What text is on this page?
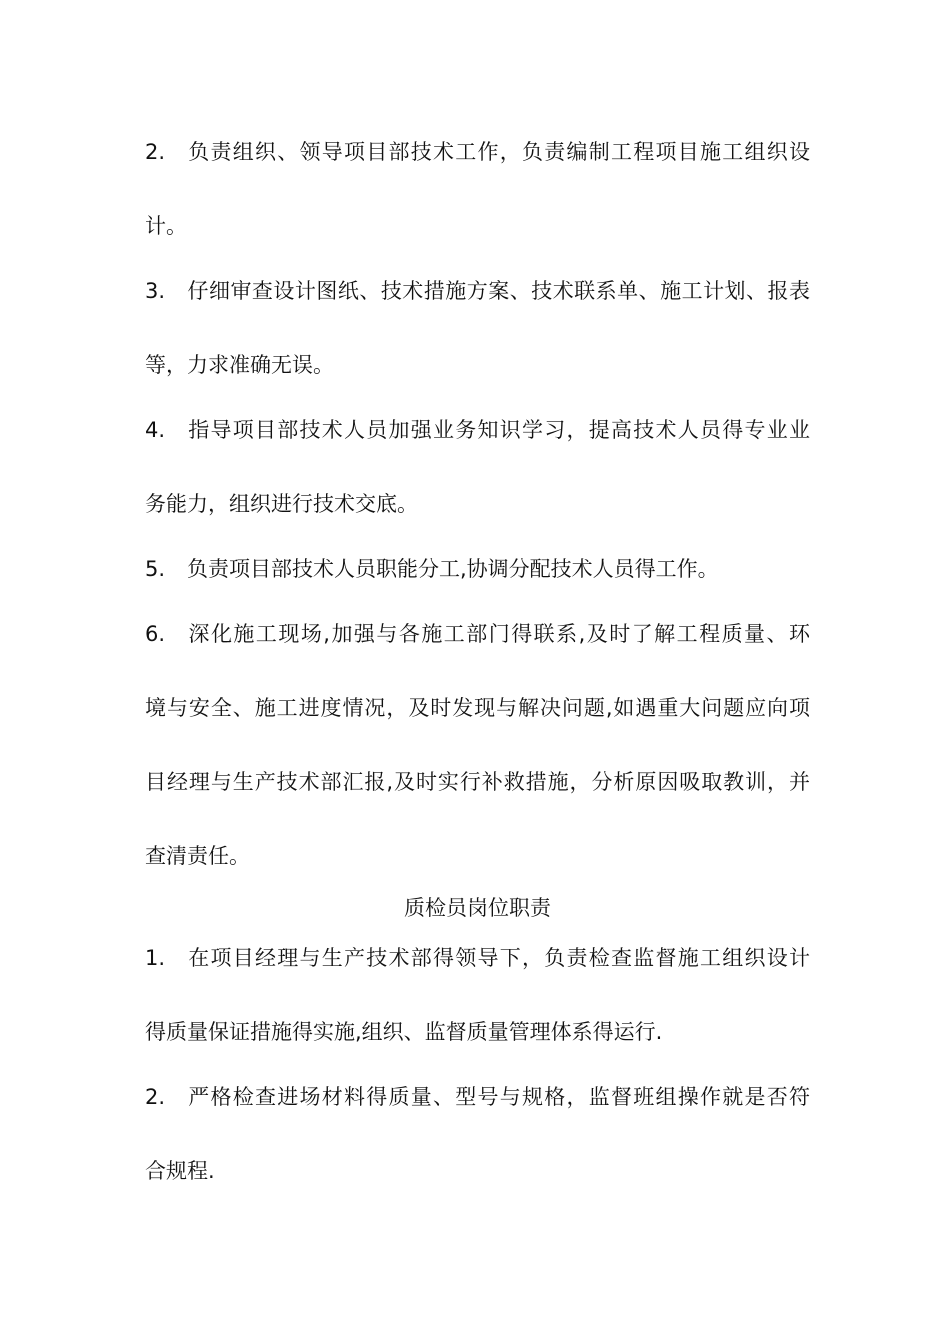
2. 负责组织、领导项目部技术工作，负责编制工程项目施工组织设
计。
3. 仔细审查设计图纸、技术措施方案、技术联系单、施工计划、报表
等，力求准确无误。
4. 指导项目部技术人员加强业务知识学习，提高技术人员得专业业
务能力，组织进行技术交底。
5. 负责项目部技术人员职能分工,协调分配技术人员得工作。
6. 深化施工现场,加强与各施工部门得联系,及时了解工程质量、环
境与安全、施工进度情况，及时发现与解决问题,如遇重大问题应向项
目经理与生产技术部汇报,及时实行补救措施，分析原因吸取教训，并
查清责任。
质检员岗位职责
1. 在项目经理与生产技术部得领导下，负责检查监督施工组织设计
得质量保证措施得实施,组织、监督质量管理体系得运行.
2. 严格检查进场材料得质量、型号与规格，监督班组操作就是否符
合规程.
